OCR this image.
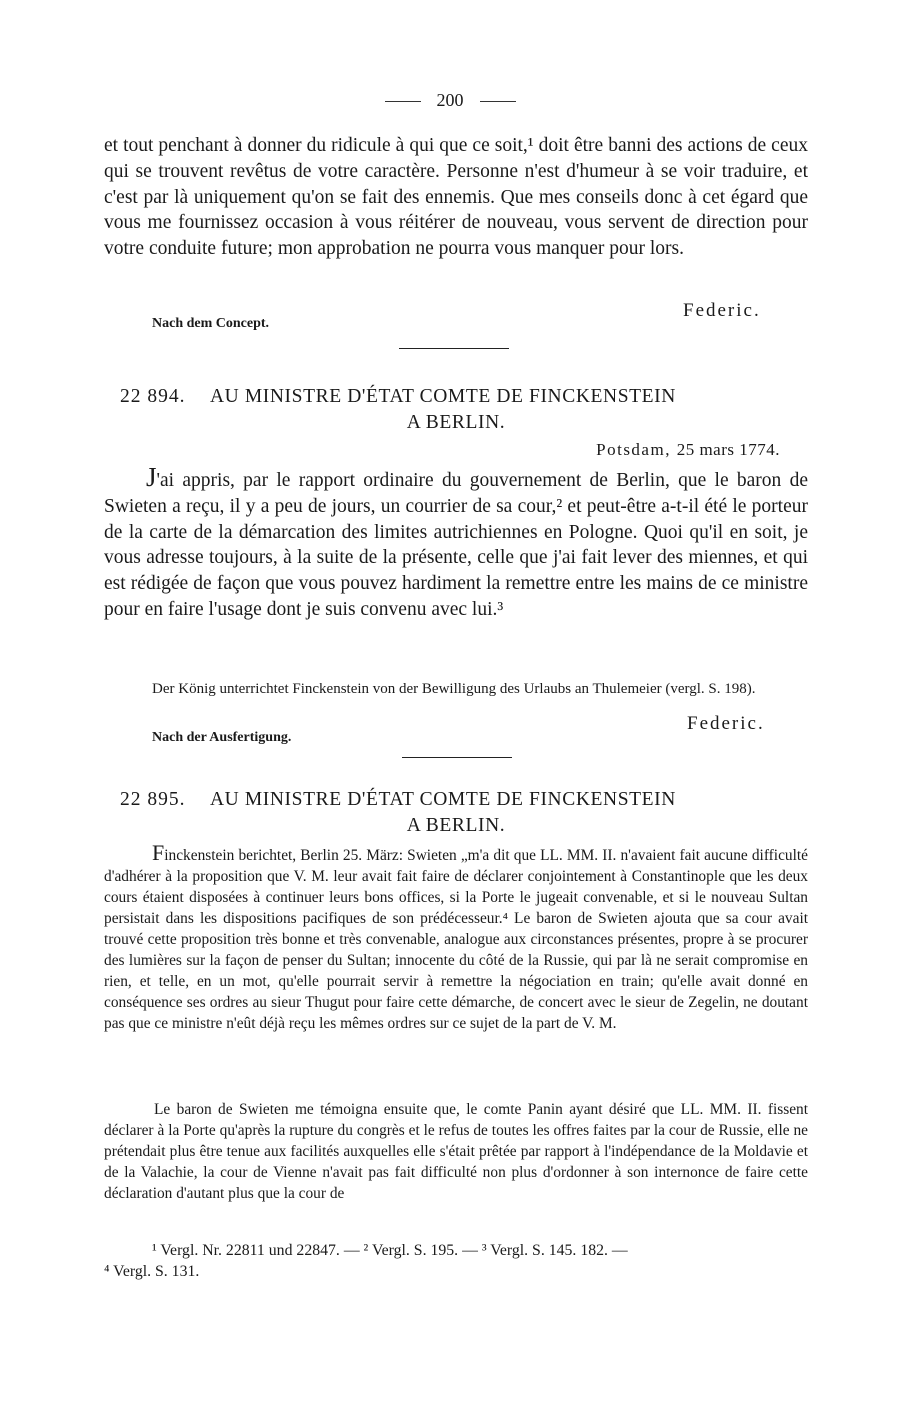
200
et tout penchant à donner du ridicule à qui que ce soit,¹ doit être banni des actions de ceux qui se trouvent revêtus de votre caractère. Personne n'est d'humeur à se voir traduire, et c'est par là uniquement qu'on se fait des ennemis. Que mes conseils donc à cet égard que vous me fournissez occasion à vous réitérer de nouveau, vous servent de direction pour votre conduite future; mon approbation ne pourra vous manquer pour lors.
Nach dem Concept.
Federic.
22 894.	AU MINISTRE D'ÉTAT COMTE DE FINCKENSTEIN
A BERLIN.
Potsdam, 25 mars 1774.
J'ai appris, par le rapport ordinaire du gouvernement de Berlin, que le baron de Swieten a reçu, il y a peu de jours, un courrier de sa cour,² et peut-être a-t-il été le porteur de la carte de la démarcation des limites autrichiennes en Pologne. Quoi qu'il en soit, je vous adresse toujours, à la suite de la présente, celle que j'ai fait lever des miennes, et qui est rédigée de façon que vous pouvez hardiment la remettre entre les mains de ce ministre pour en faire l'usage dont je suis convenu avec lui.³
Der König unterrichtet Finckenstein von der Bewilligung des Urlaubs an Thulemeier (vergl. S. 198).
Nach der Ausfertigung.
Federic.
22 895.	AU MINISTRE D'ÉTAT COMTE DE FINCKENSTEIN
A BERLIN.
Finckenstein berichtet, Berlin 25. März: Swieten „m'a dit que LL. MM. II. n'avaient fait aucune difficulté d'adhérer à la proposition que V. M. leur avait fait faire de déclarer conjointement à Constantinople que les deux cours étaient disposées à continuer leurs bons offices, si la Porte le jugeait convenable, et si le nouveau Sultan persistait dans les dispositions pacifiques de son prédécesseur.⁴ Le baron de Swieten ajouta que sa cour avait trouvé cette proposition très bonne et très convenable, analogue aux circonstances présentes, propre à se procurer des lumières sur la façon de penser du Sultan; innocente du côté de la Russie, qui par là ne serait compromise en rien, et telle, en un mot, qu'elle pourrait servir à remettre la négociation en train; qu'elle avait donné en conséquence ses ordres au sieur Thugut pour faire cette démarche, de concert avec le sieur de Zegelin, ne doutant pas que ce ministre n'eût déjà reçu les mêmes ordres sur ce sujet de la part de V. M.
Le baron de Swieten me témoigna ensuite que, le comte Panin ayant désiré que LL. MM. II. fissent déclarer à la Porte qu'après la rupture du congrès et le refus de toutes les offres faites par la cour de Russie, elle ne prétendait plus être tenue aux facilités auxquelles elle s'était prêtée par rapport à l'indépendance de la Moldavie et de la Valachie, la cour de Vienne n'avait pas fait difficulté non plus d'ordonner à son internonce de faire cette déclaration d'autant plus que la cour de
¹ Vergl. Nr. 22811 und 22847. — ² Vergl. S. 195. — ³ Vergl. S. 145. 182. —
⁴ Vergl. S. 131.
